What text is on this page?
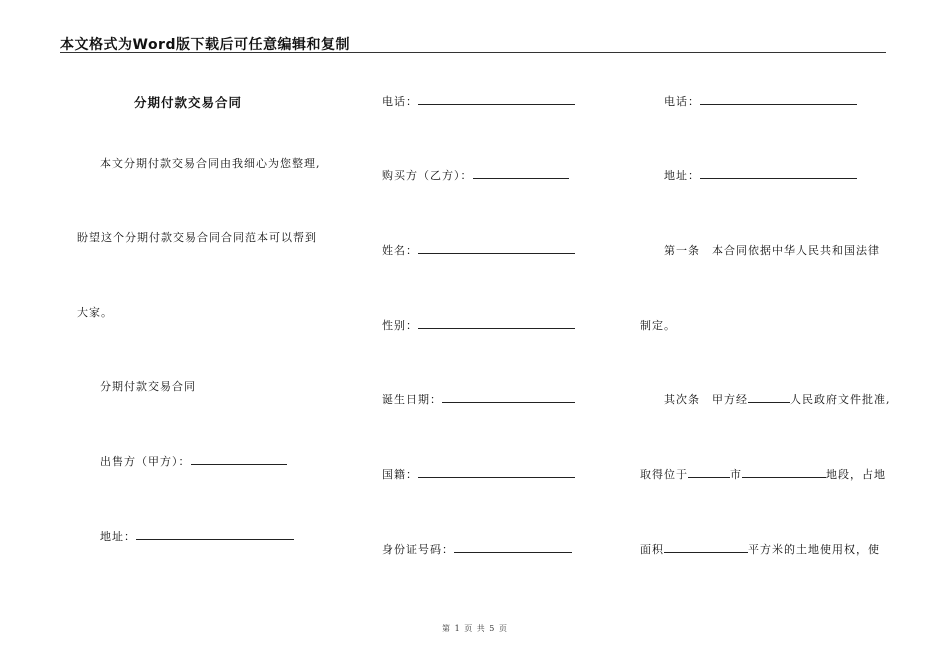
本文格式为Word版下载后可任意编辑和复制
分期付款交易合同
本文分期付款交易合同由我细心为您整理,
盼望这个分期付款交易合同合同范本可以帮到
大家。
分期付款交易合同
出售方（甲方）：
地址：
电话：
购买方（乙方）：
姓名：
性别：
诞生日期：
国籍：
身份证号码：
电话：
地址：
第一条　本合同依据中华人民共和国法律
制定。
其次条　甲方经	人民政府文件批准,
取得位于	市	地段，占地
面积	平方米的土地使用权，使
第 1 页 共 5 页
